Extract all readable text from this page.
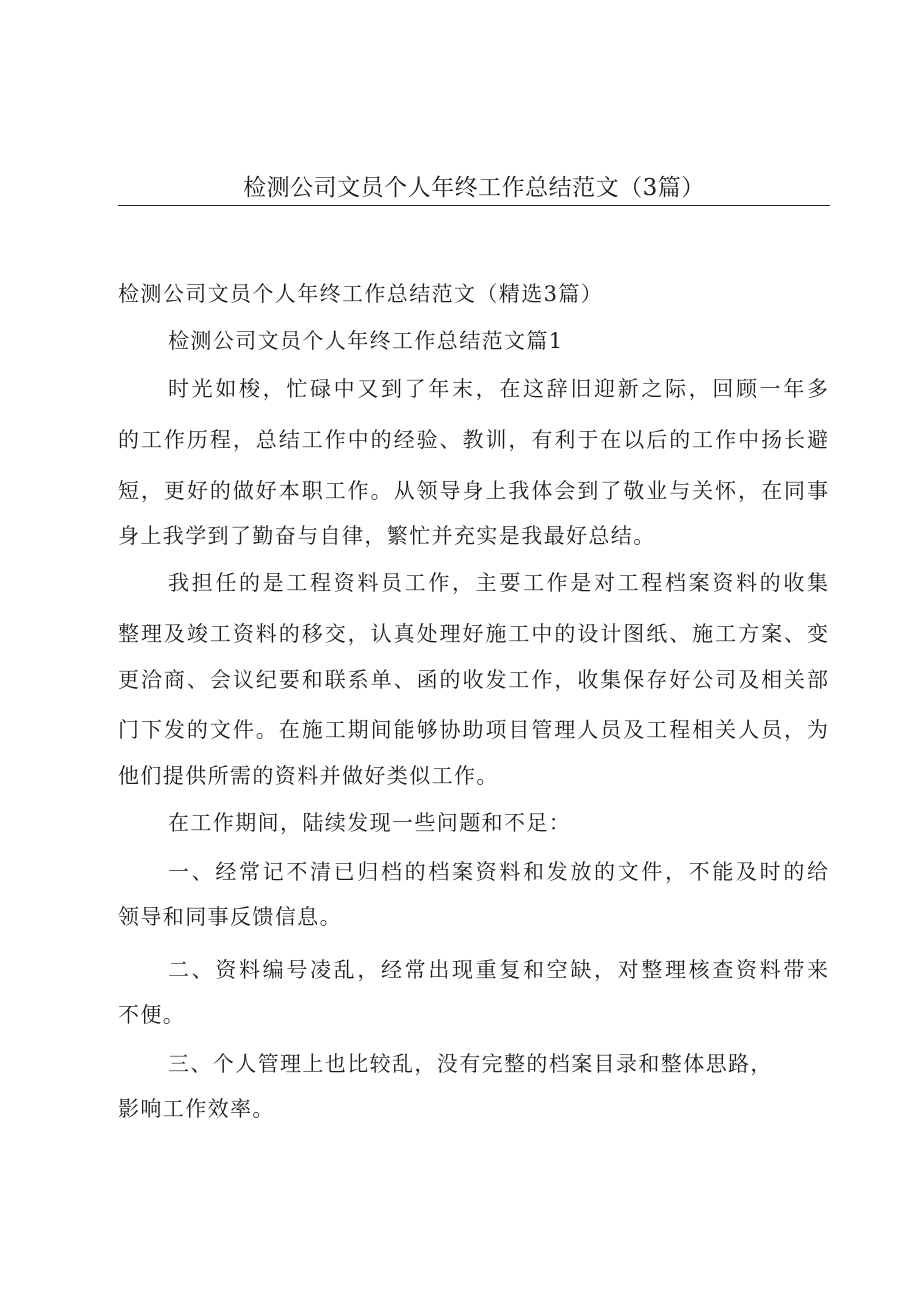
检测公司文员个人年终工作总结范文（3篇）
检测公司文员个人年终工作总结范文（精选3篇）
检测公司文员个人年终工作总结范文篇1
时光如梭，忙碌中又到了年末，在这辞旧迎新之际，回顾一年多
的工作历程，总结工作中的经验、教训，有利于在以后的工作中扬长避
短，更好的做好本职工作。从领导身上我体会到了敬业与关怀，在同事
身上我学到了勤奋与自律，繁忙并充实是我最好总结。
我担任的是工程资料员工作，主要工作是对工程档案资料的收集
整理及竣工资料的移交，认真处理好施工中的设计图纸、施工方案、变
更洽商、会议纪要和联系单、函的收发工作，收集保存好公司及相关部
门下发的文件。在施工期间能够协助项目管理人员及工程相关人员，为
他们提供所需的资料并做好类似工作。
在工作期间，陆续发现一些问题和不足：
一、经常记不清已归档的档案资料和发放的文件，不能及时的给
领导和同事反馈信息。
二、资料编号凌乱，经常出现重复和空缺，对整理核查资料带来
不便。
三、个人管理上也比较乱，没有完整的档案目录和整体思路，
影响工作效率。
